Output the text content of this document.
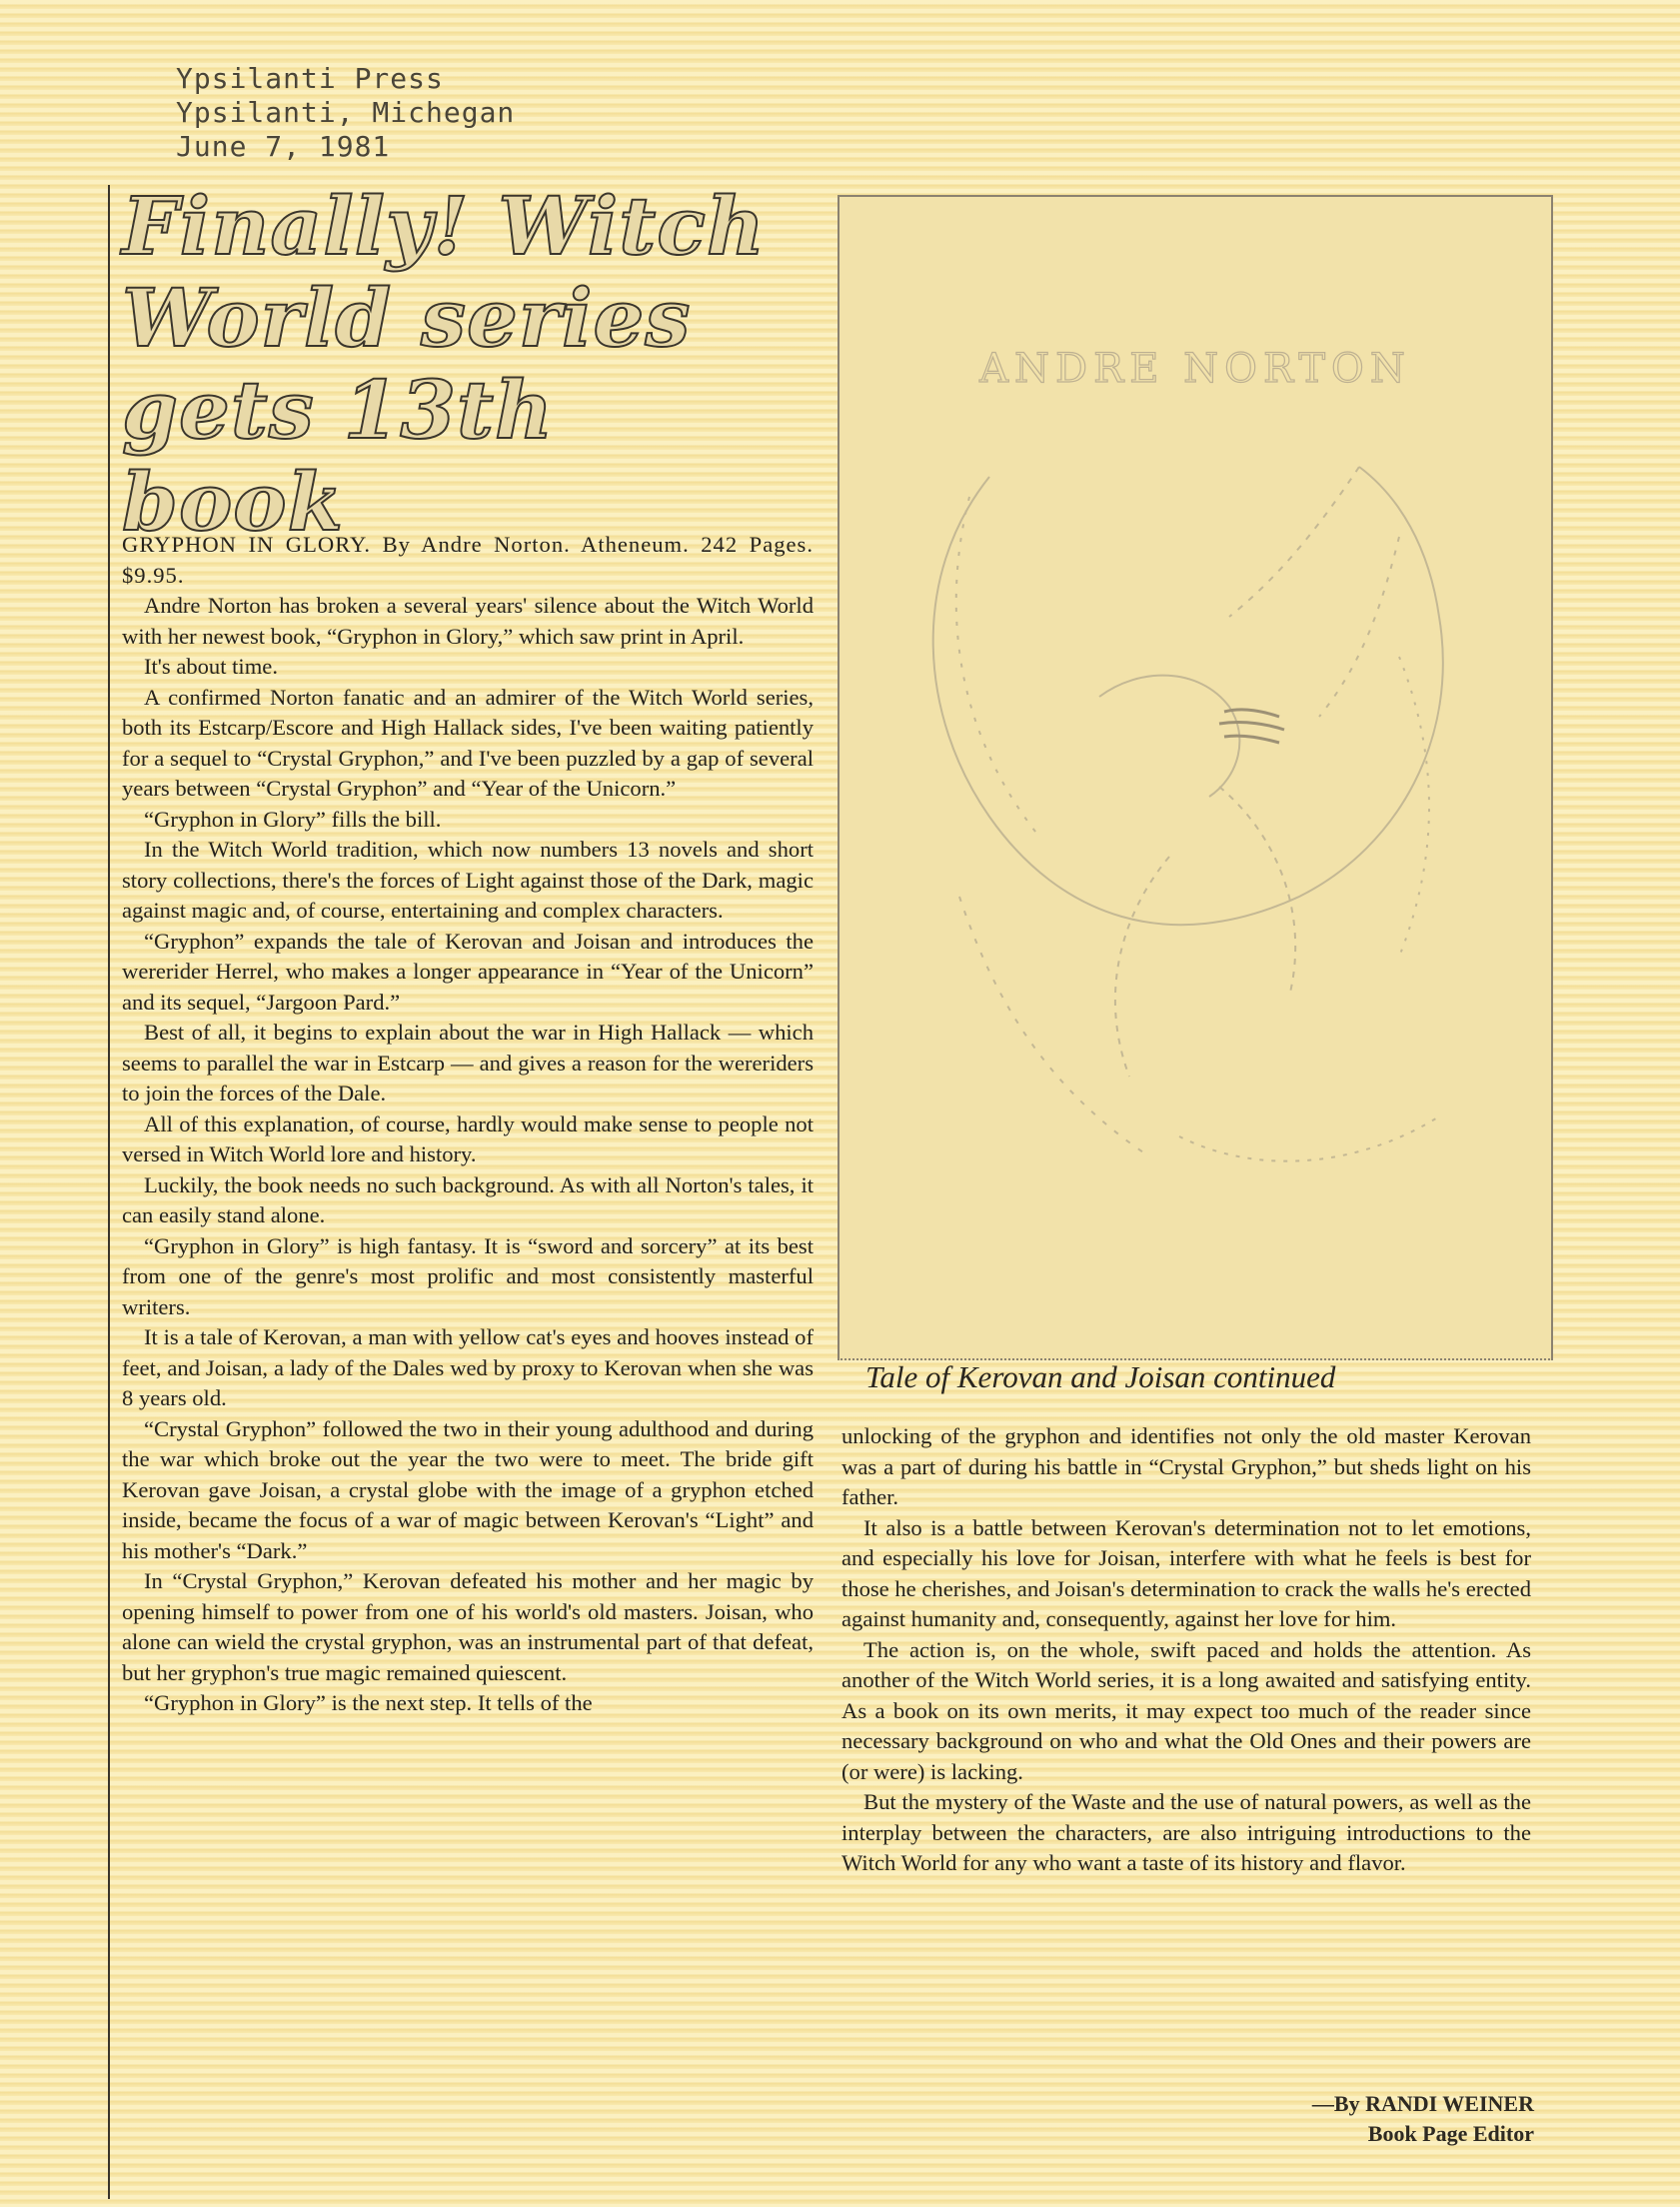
Ypsilanti Press
Ypsilanti, Michegan
June 7, 1981
Finally! Witch World series gets 13th book

GRYPHON IN GLORY. By Andre Norton. Atheneum. 242 Pages. $9.95.

Andre Norton has broken a several years' silence about the Witch World with her newest book, “Gryphon in Glory,” which saw print in April.

It's about time.

A confirmed Norton fanatic and an admirer of the Witch World series, both its Estcarp/Escore and High Hallack sides, I've been waiting patiently for a sequel to “Crystal Gryphon,” and I've been puzzled by a gap of several years between “Crystal Gryphon” and “Year of the Unicorn.”

“Gryphon in Glory” fills the bill.

In the Witch World tradition, which now numbers 13 novels and short story collections, there's the forces of Light against those of the Dark, magic against magic and, of course, entertaining and complex characters.

“Gryphon” expands the tale of Kerovan and Joisan and introduces the wererider Herrel, who makes a longer appearance in “Year of the Unicorn” and its sequel, “Jargoon Pard.”

Best of all, it begins to explain about the war in High Hallack — which seems to parallel the war in Estcarp — and gives a reason for the wereriders to join the forces of the Dale.

All of this explanation, of course, hardly would make sense to people not versed in Witch World lore and history.

Luckily, the book needs no such background. As with all Norton's tales, it can easily stand alone.

“Gryphon in Glory” is high fantasy. It is “sword and sorcery” at its best from one of the genre's most prolific and most consistently masterful writers.

It is a tale of Kerovan, a man with yellow cat's eyes and hooves instead of feet, and Joisan, a lady of the Dales wed by proxy to Kerovan when she was 8 years old.

“Crystal Gryphon” followed the two in their young adulthood and during the war which broke out the year the two were to meet. The bride gift Kerovan gave Joisan, a crystal globe with the image of a gryphon etched inside, became the focus of a war of magic between Kerovan's “Light” and his mother's “Dark.”

In “Crystal Gryphon,” Kerovan defeated his mother and her magic by opening himself to power from one of his world's old masters. Joisan, who alone can wield the crystal gryphon, was an instrumental part of that defeat, but her gryphon's true magic remained quiescent.

“Gryphon in Glory” is the next step. It tells of the

ANDRE NORTON
Tale of Kerovan and Joisan continued

unlocking of the gryphon and identifies not only the old master Kerovan was a part of during his battle in “Crystal Gryphon,” but sheds light on his father.

It also is a battle between Kerovan's determination not to let emotions, and especially his love for Joisan, interfere with what he feels is best for those he cherishes, and Joisan's determination to crack the walls he's erected against humanity and, consequently, against her love for him.

The action is, on the whole, swift paced and holds the attention. As another of the Witch World series, it is a long awaited and satisfying entity. As a book on its own merits, it may expect too much of the reader since necessary background on who and what the Old Ones and their powers are (or were) is lacking.

But the mystery of the Waste and the use of natural powers, as well as the interplay between the characters, are also intriguing introductions to the Witch World for any who want a taste of its history and flavor.

—By RANDI WEINER
Book Page Editor
